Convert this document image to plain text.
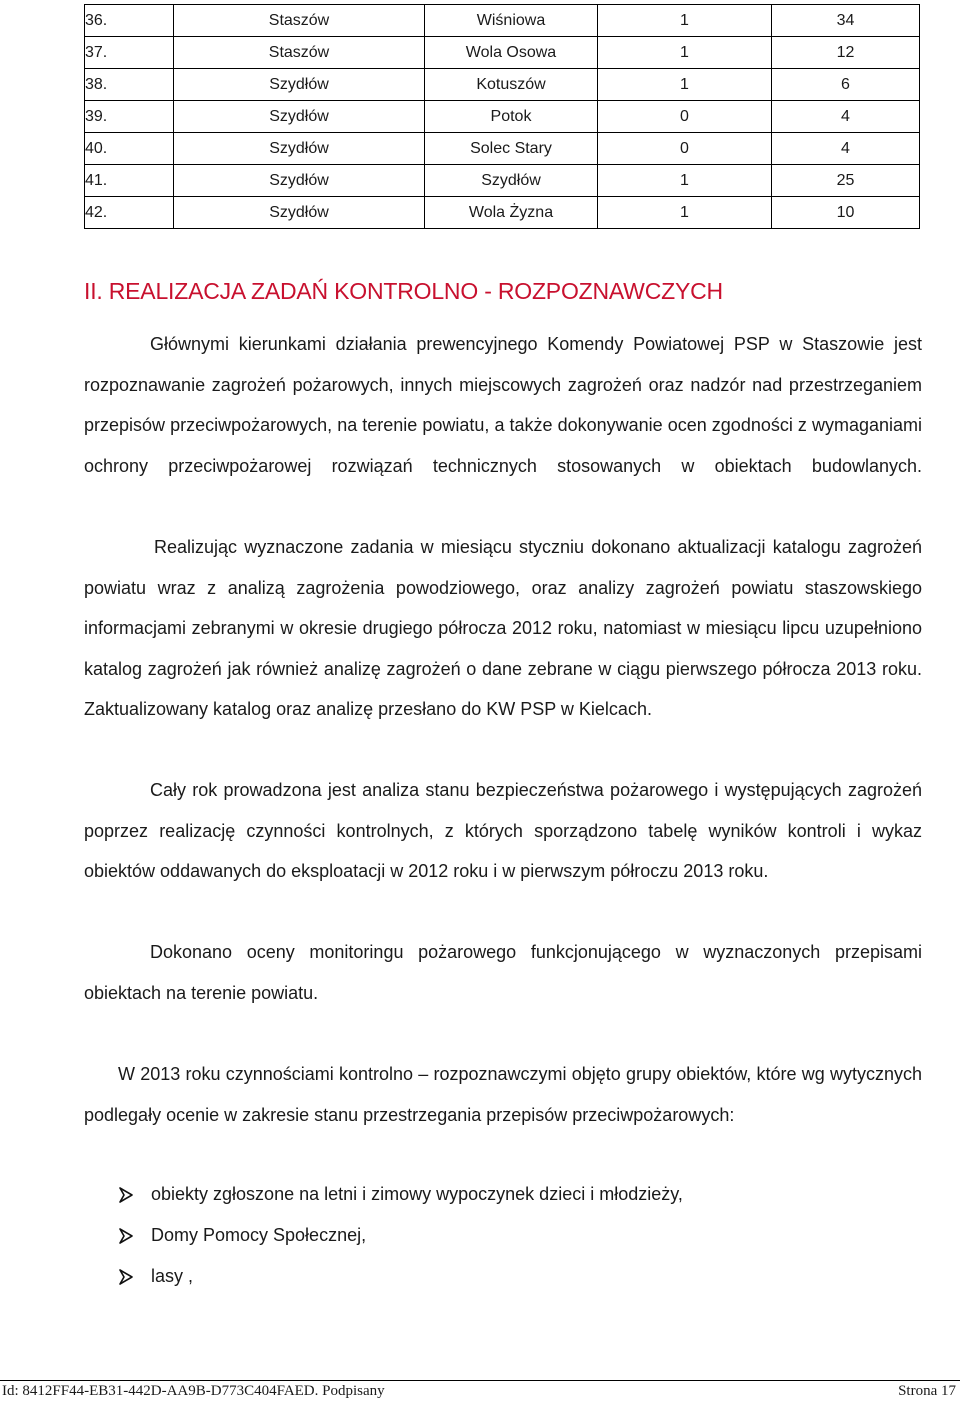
36.	Staszów	Wiśniowa	1	34
37.	Staszów	Wola Osowa	1	12
38.	Szydłów	Kotuszów	1	6
39.	Szydłów	Potok	0	4
40.	Szydłów	Solec Stary	0	4
41.	Szydłów	Szydłów	1	25
42.	Szydłów	Wola Żyzna	1	10
II. REALIZACJA ZADAŃ KONTROLNO - ROZPOZNAWCZYCH

Głównymi kierunkami działania prewencyjnego Komendy Powiatowej PSP w Staszowie jest rozpoznawanie zagrożeń pożarowych, innych miejscowych zagrożeń oraz nadzór nad przestrzeganiem przepisów przeciwpożarowych, na terenie powiatu, a także dokonywanie ocen zgodności z wymaganiami ochrony przeciwpożarowej rozwiązań technicznych stosowanych w obiektach budowlanych.

Realizując wyznaczone zadania w miesiącu styczniu dokonano aktualizacji katalogu zagrożeń powiatu wraz z analizą zagrożenia powodziowego, oraz analizy zagrożeń powiatu staszowskiego informacjami zebranymi w okresie drugiego półrocza 2012 roku, natomiast w miesiącu lipcu uzupełniono katalog zagrożeń jak również analizę zagrożeń o dane zebrane w ciągu pierwszego półrocza 2013 roku. Zaktualizowany katalog oraz analizę przesłano do KW PSP w Kielcach.

Cały rok prowadzona jest analiza stanu bezpieczeństwa pożarowego i występujących zagrożeń poprzez realizację czynności kontrolnych, z których sporządzono tabelę wyników kontroli i wykaz obiektów oddawanych do eksploatacji w 2012 roku i w pierwszym półroczu 2013 roku.

Dokonano oceny monitoringu pożarowego funkcjonującego w wyznaczonych przepisami obiektach na terenie powiatu.

W 2013 roku czynnościami kontrolno – rozpoznawczymi objęto grupy obiektów, które wg wytycznych podlegały ocenie w zakresie stanu przestrzegania przepisów przeciwpożarowych:

obiekty zgłoszone na letni i zimowy wypoczynek dzieci i młodzieży,
Domy Pomocy Społecznej,
lasy ,
Id: 8412FF44-EB31-442D-AA9B-D773C404FAED. Podpisany	Strona 17
